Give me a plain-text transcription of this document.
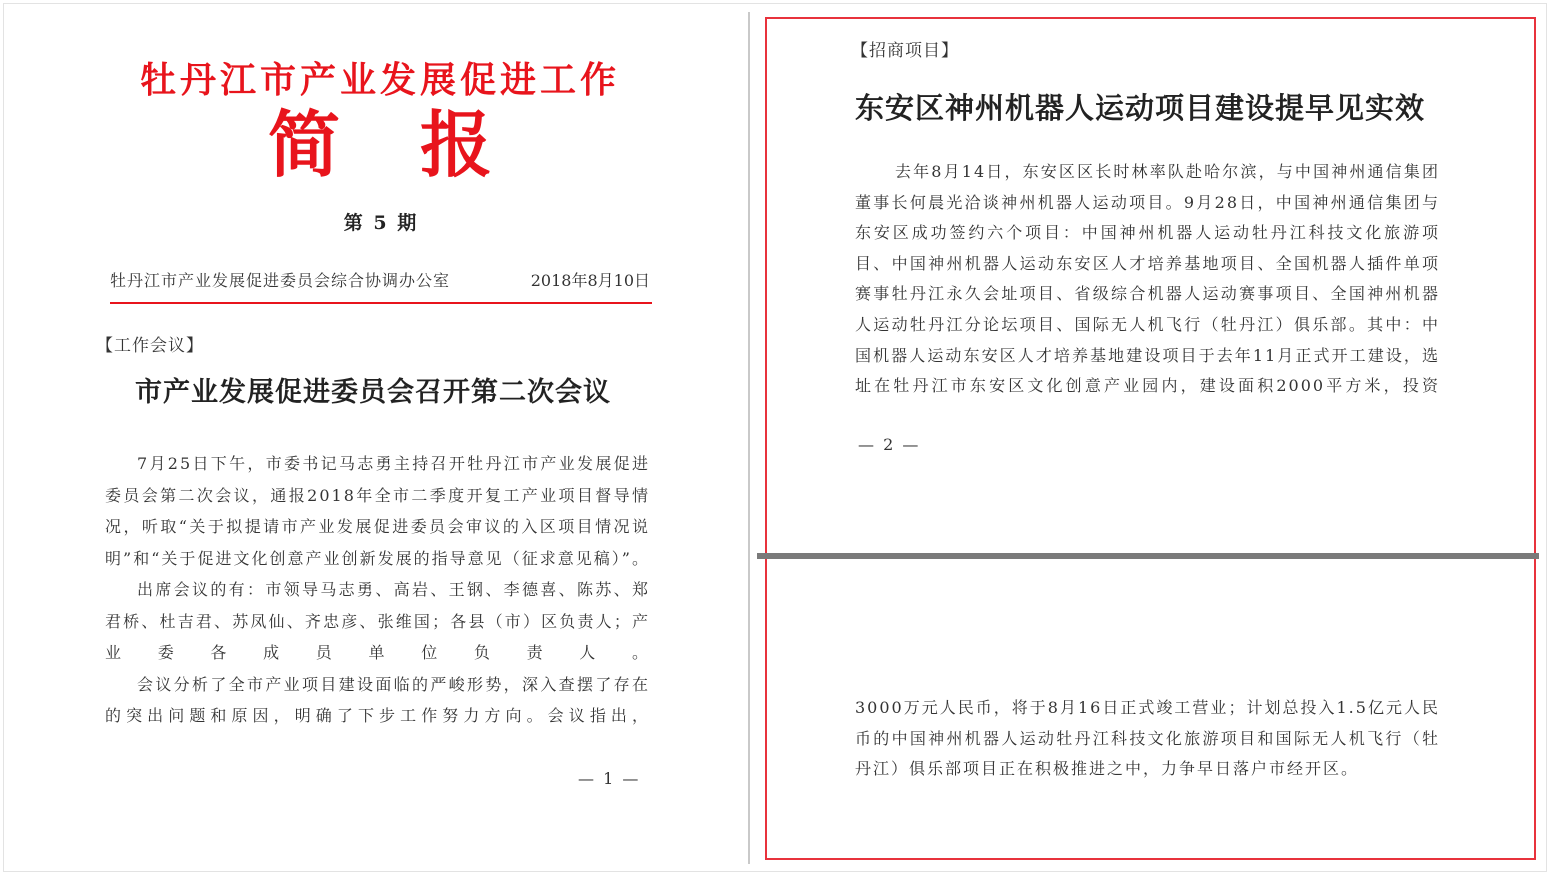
牡丹江市产业发展促进工作
简报
第 5 期
牡丹江市产业发展促进委员会综合协调办公室	2018年8月10日
【工作会议】
市产业发展促进委员会召开第二次会议

7月25日下午，市委书记马志勇主持召开牡丹江市产业发展促进委员会第二次会议，通报2018年全市二季度开复工产业项目督导情况，听取“关于拟提请市产业发展促进委员会审议的入区项目情况说明”和“关于促进文化创意产业创新发展的指导意见（征求意见稿）”。

出席会议的有：市领导马志勇、高岩、王钢、李德喜、陈苏、郑君桥、杜吉君、苏凤仙、齐忠彦、张维国；各县（市）区负责人；产业委各成员单位负责人。

会议分析了全市产业项目建设面临的严峻形势，深入查摆了存在的突出问题和原因，明确了下步工作努力方向。会议指出，

— 1 —
【招商项目】
东安区神州机器人运动项目建设提早见实效

去年8月14日，东安区区长时林率队赴哈尔滨，与中国神州通信集团董事长何晨光洽谈神州机器人运动项目。9月28日，中国神州通信集团与东安区成功签约六个项目：中国神州机器人运动牡丹江科技文化旅游项目、中国神州机器人运动东安区人才培养基地项目、全国机器人插件单项赛事牡丹江永久会址项目、省级综合机器人运动赛事项目、全国神州机器人运动牡丹江分论坛项目、国际无人机飞行（牡丹江）俱乐部。其中：中国机器人运动东安区人才培养基地建设项目于去年11月正式开工建设，选址在牡丹江市东安区文化创意产业园内，建设面积2000平方米，投资

— 2 —

3000万元人民币，将于8月16日正式竣工营业；计划总投入1.5亿元人民币的中国神州机器人运动牡丹江科技文化旅游项目和国际无人机飞行（牡丹江）俱乐部项目正在积极推进之中，力争早日落户市经开区。
